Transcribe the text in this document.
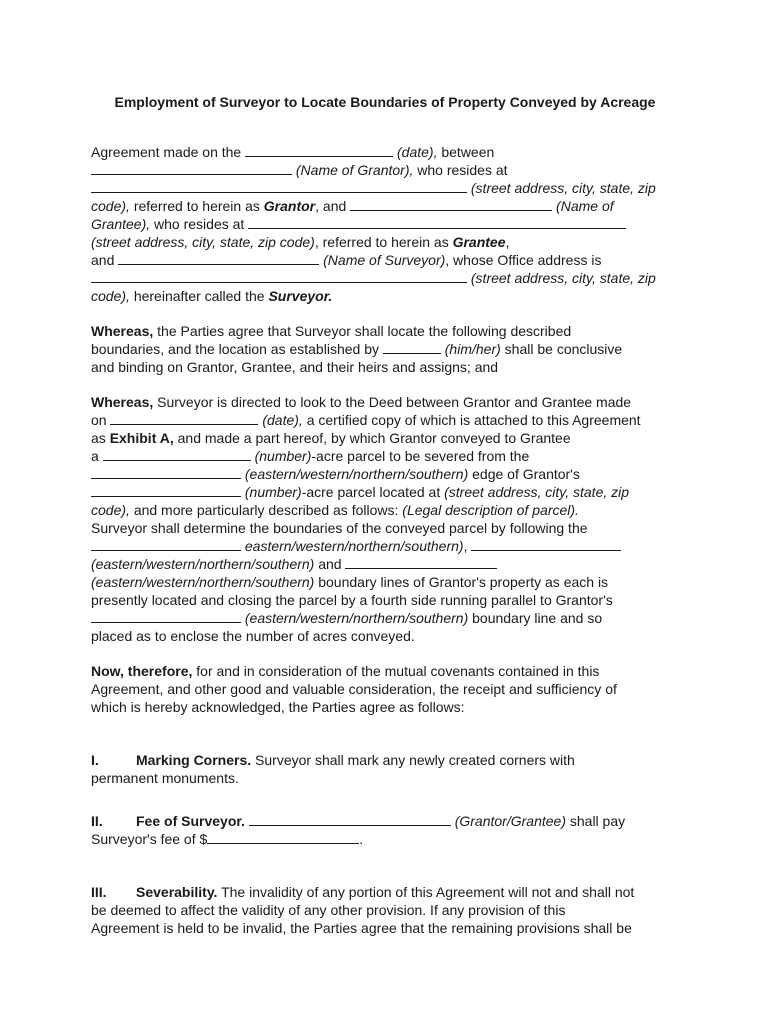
Employment of Surveyor to Locate Boundaries of Property Conveyed by Acreage
Agreement made on the	(date), between
(Name of Grantor), who resides at
(street address, city, state, zip
code), referred to herein as Grantor, and	(Name of
Grantee), who resides at
(street address, city, state, zip code), referred to herein as Grantee,
and	(Name of Surveyor), whose Office address is
(street address, city, state, zip
code), hereinafter called the Surveyor.
Whereas, the Parties agree that Surveyor shall locate the following described
boundaries, and the location as established by	(him/her) shall be conclusive
and binding on Grantor, Grantee, and their heirs and assigns; and
Whereas, Surveyor is directed to look to the Deed between Grantor and Grantee made
on	(date), a certified copy of which is attached to this Agreement
as Exhibit A, and made a part hereof, by which Grantor conveyed to Grantee
a	(number)-acre parcel to be severed from the
(eastern/western/northern/southern) edge of Grantor's
(number)-acre parcel located at (street address, city, state, zip
code), and more particularly described as follows: (Legal description of parcel).
Surveyor shall determine the boundaries of the conveyed parcel by following the
eastern/western/northern/southern),
(eastern/western/northern/southern) and
(eastern/western/northern/southern) boundary lines of Grantor's property as each is
presently located and closing the parcel by a fourth side running parallel to Grantor's
(eastern/western/northern/southern) boundary line and so
placed as to enclose the number of acres conveyed.
Now, therefore, for and in consideration of the mutual covenants contained in this
Agreement, and other good and valuable consideration, the receipt and sufficiency of
which is hereby acknowledged, the Parties agree as follows:
I.	Marking Corners. Surveyor shall mark any newly created corners with
permanent monuments.
II. Fee of Surveyor.	(Grantor/Grantee) shall pay
Surveyor's fee of $	.
III. Severability. The invalidity of any portion of this Agreement will not and shall not
be deemed to affect the validity of any other provision. If any provision of this
Agreement is held to be invalid, the Parties agree that the remaining provisions shall be
